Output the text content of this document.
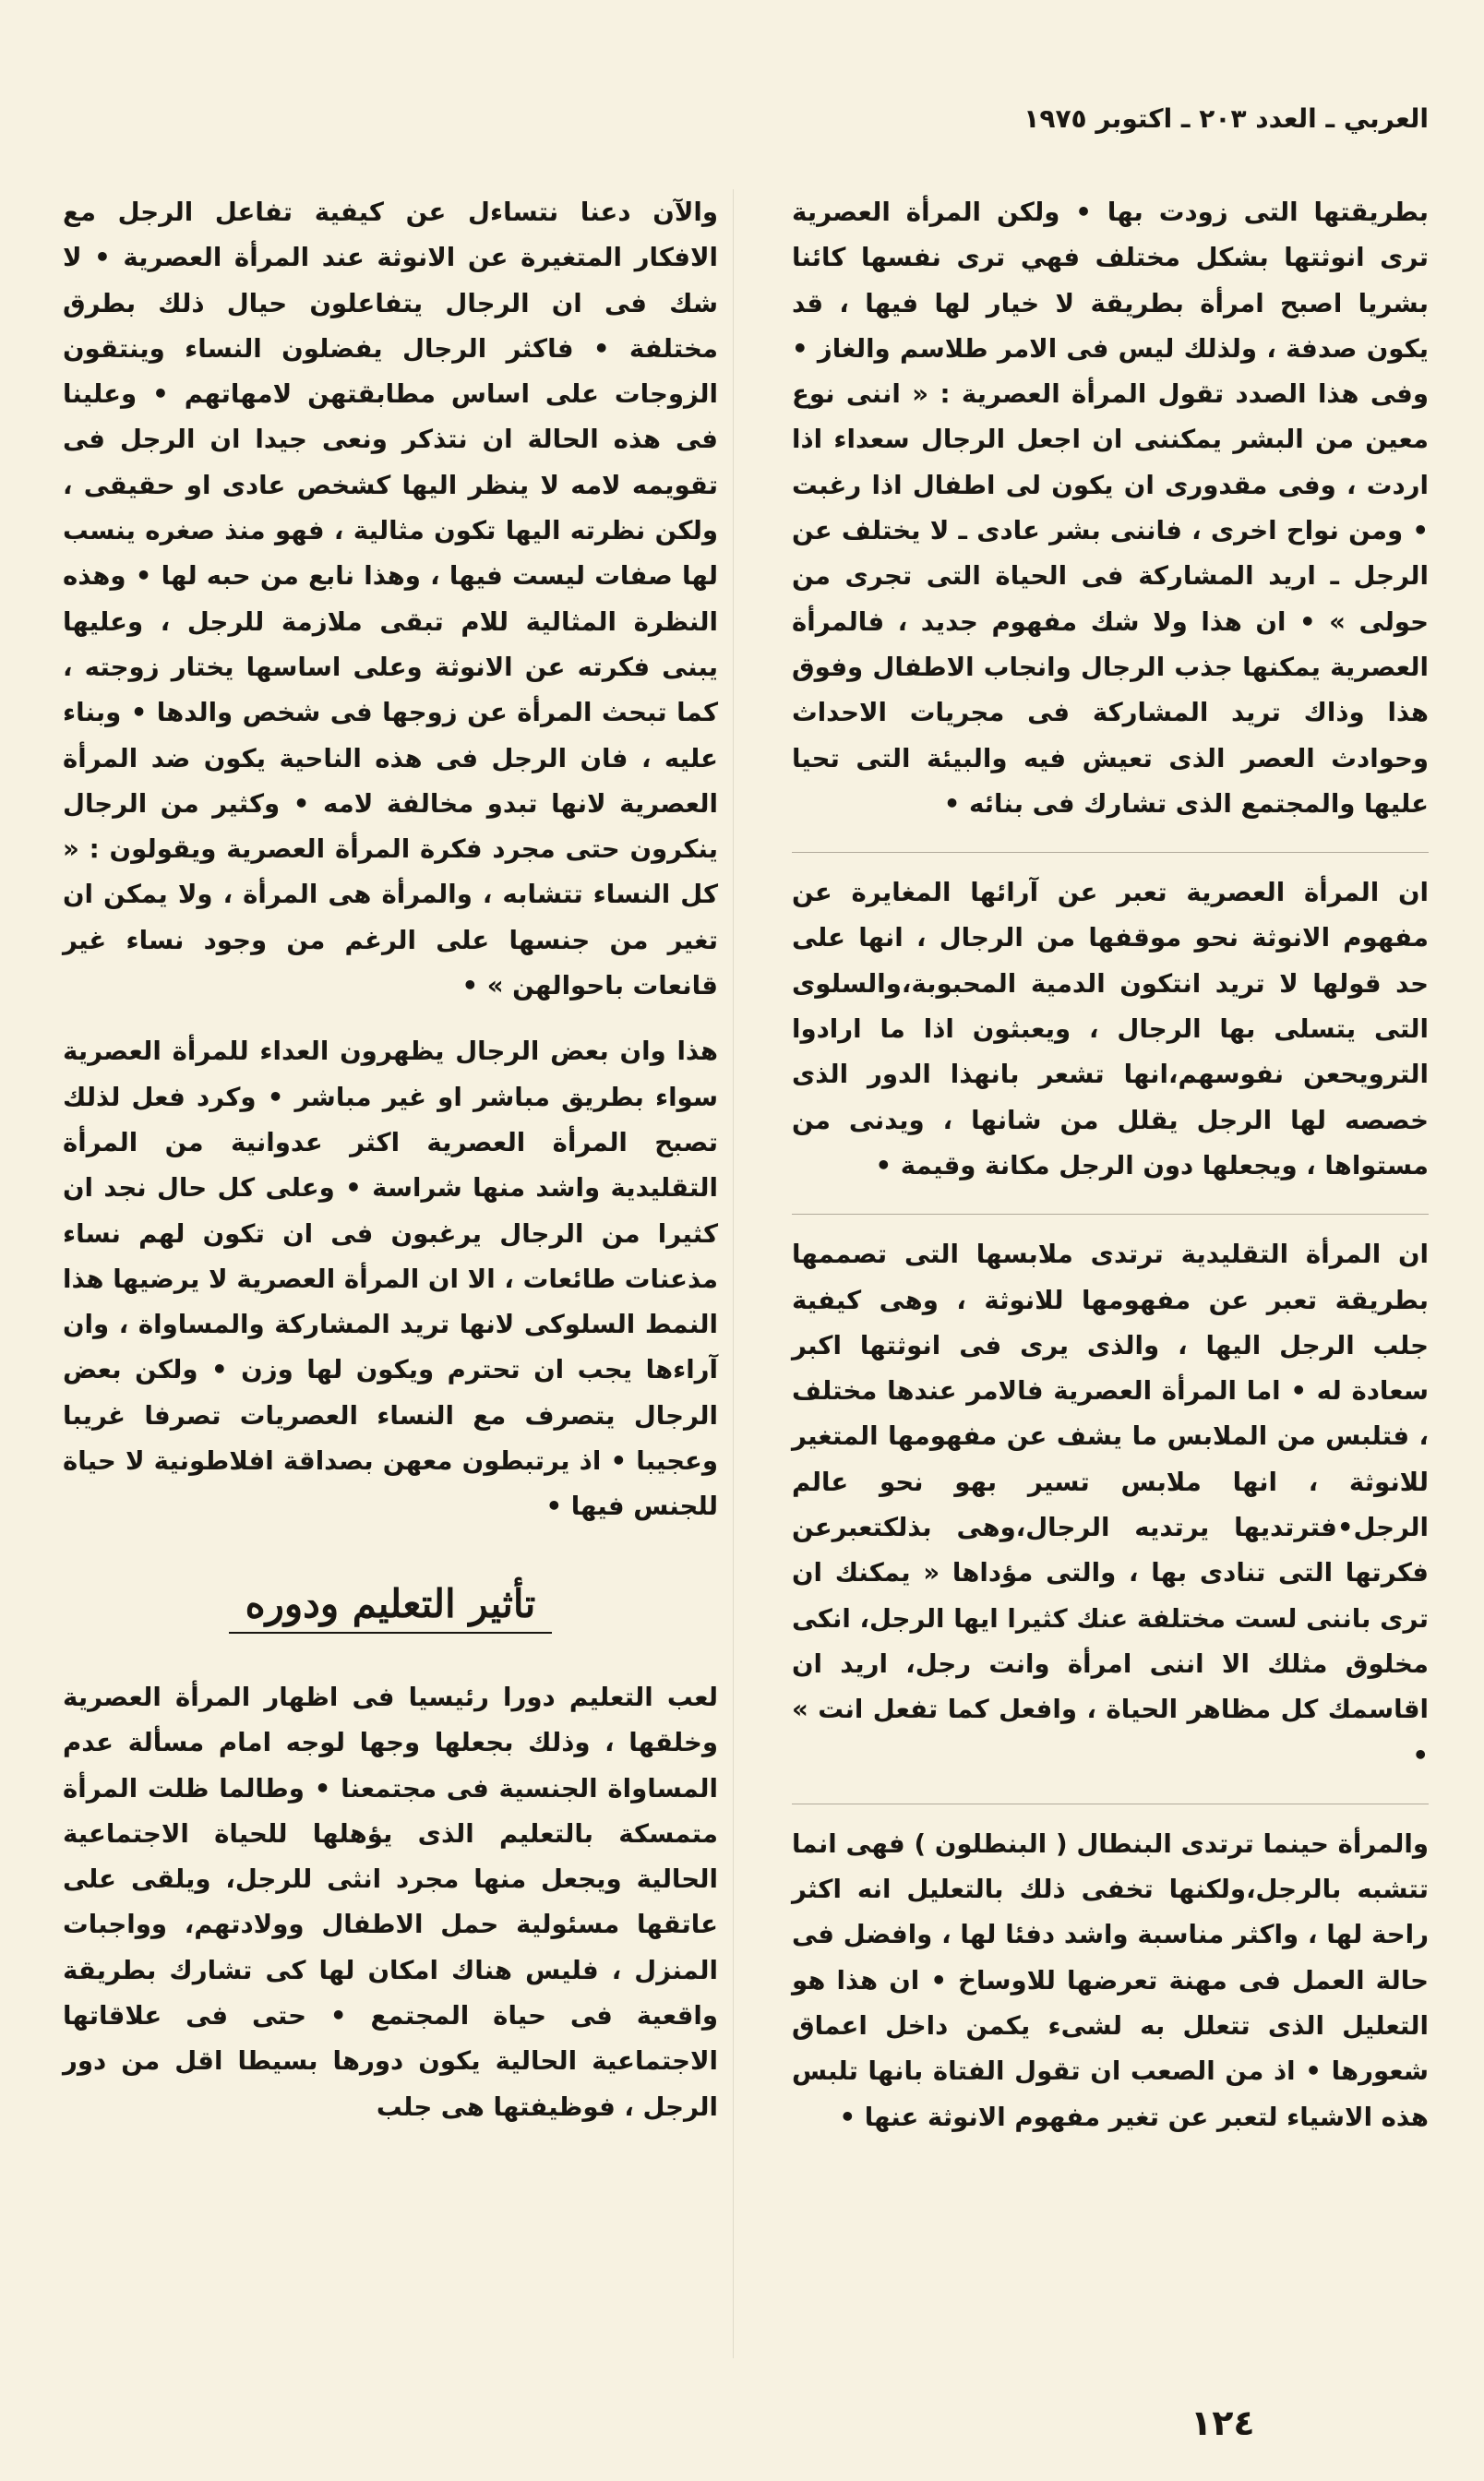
العربي ـ العدد ٢٠٣ ـ اكتوبر ١٩٧٥

بطريقتها التى زودت بها • ولكن المرأة العصرية ترى انوثتها بشكل مختلف فهي ترى نفسها كائنا بشريا اصبح امرأة بطريقة لا خيار لها فيها ، قد يكون صدفة ، ولذلك ليس فى الامر طلاسم والغاز • وفى هذا الصدد تقول المرأة العصرية : « اننى نوع معين من البشر يمكننى ان اجعل الرجال سعداء اذا اردت ، وفى مقدورى ان يكون لى اطفال اذا رغبت • ومن نواح اخرى ، فاننى بشر عادى ـ لا يختلف عن الرجل ـ اريد المشاركة فى الحياة التى تجرى من حولى » • ان هذا ولا شك مفهوم جديد ، فالمرأة العصرية يمكنها جذب الرجال وانجاب الاطفال وفوق هذا وذاك تريد المشاركة فى مجريات الاحداث وحوادث العصر الذى تعيش فيه والبيئة التى تحيا عليها والمجتمع الذى تشارك فى بنائه •

ان المرأة العصرية تعبر عن آرائها المغايرة عن مفهوم الانوثة نحو موقفها من الرجال ، انها على حد قولها لا تريد انتكون الدمية المحبوبة،والسلوى التى يتسلى بها الرجال ، ويعبثون اذا ما ارادوا الترويحعن نفوسهم،انها تشعر بانهذا الدور الذى خصصه لها الرجل يقلل من شانها ، ويدنى من مستواها ، ويجعلها دون الرجل مكانة وقيمة •

ان المرأة التقليدية ترتدى ملابسها التى تصممها بطريقة تعبر عن مفهومها للانوثة ، وهى كيفية جلب الرجل اليها ، والذى يرى فى انوثتها اكبر سعادة له • اما المرأة العصرية فالامر عندها مختلف ، فتلبس من الملابس ما يشف عن مفهومها المتغير للانوثة ، انها ملابس تسير بهو نحو عالم الرجل•فترتديها يرتديه الرجال،وهى بذلكتعبرعن فكرتها التى تنادى بها ، والتى مؤداها « يمكنك ان ترى باننى لست مختلفة عنك كثيرا ايها الرجل، انكى مخلوق مثلك الا اننى امرأة وانت رجل، اريد ان اقاسمك كل مظاهر الحياة ، وافعل كما تفعل انت » •

والمرأة حينما ترتدى البنطال ( البنطلون ) فهى انما تتشبه بالرجل،ولكنها تخفى ذلك بالتعليل انه اكثر راحة لها ، واكثر مناسبة واشد دفئا لها ، وافضل فى حالة العمل فى مهنة تعرضها للاوساخ • ان هذا هو التعليل الذى تتعلل به لشىء يكمن داخل اعماق شعورها • اذ من الصعب ان تقول الفتاة بانها تلبس هذه الاشياء لتعبر عن تغير مفهوم الانوثة عنها •

والآن دعنا نتساءل عن كيفية تفاعل الرجل مع الافكار المتغيرة عن الانوثة عند المرأة العصرية • لا شك فى ان الرجال يتفاعلون حيال ذلك بطرق مختلفة • فاكثر الرجال يفضلون النساء وينتقون الزوجات على اساس مطابقتهن لامهاتهم • وعلينا فى هذه الحالة ان نتذكر ونعى جيدا ان الرجل فى تقويمه لامه لا ينظر اليها كشخص عادى او حقيقى ، ولكن نظرته اليها تكون مثالية ، فهو منذ صغره ينسب لها صفات ليست فيها ، وهذا نابع من حبه لها • وهذه النظرة المثالية للام تبقى ملازمة للرجل ، وعليها يبنى فكرته عن الانوثة وعلى اساسها يختار زوجته ، كما تبحث المرأة عن زوجها فى شخص والدها • وبناء عليه ، فان الرجل فى هذه الناحية يكون ضد المرأة العصرية لانها تبدو مخالفة لامه • وكثير من الرجال ينكرون حتى مجرد فكرة المرأة العصرية ويقولون : « كل النساء تتشابه ، والمرأة هى المرأة ، ولا يمكن ان تغير من جنسها على الرغم من وجود نساء غير قانعات باحوالهن » •

هذا وان بعض الرجال يظهرون العداء للمرأة العصرية سواء بطريق مباشر او غير مباشر • وكرد فعل لذلك تصبح المرأة العصرية اكثر عدوانية من المرأة التقليدية واشد منها شراسة • وعلى كل حال نجد ان كثيرا من الرجال يرغبون فى ان تكون لهم نساء مذعنات طائعات ، الا ان المرأة العصرية لا يرضيها هذا النمط السلوكى لانها تريد المشاركة والمساواة ، وان آراءها يجب ان تحترم ويكون لها وزن • ولكن بعض الرجال يتصرف مع النساء العصريات تصرفا غريبا وعجيبا • اذ يرتبطون معهن بصداقة افلاطونية لا حياة للجنس فيها •

تأثير التعليم ودوره

لعب التعليم دورا رئيسيا فى اظهار المرأة العصرية وخلقها ، وذلك بجعلها وجها لوجه امام مسألة عدم المساواة الجنسية فى مجتمعنا • وطالما ظلت المرأة متمسكة بالتعليم الذى يؤهلها للحياة الاجتماعية الحالية ويجعل منها مجرد انثى للرجل، ويلقى على عاتقها مسئولية حمل الاطفال وولادتهم، وواجبات المنزل ، فليس هناك امكان لها كى تشارك بطريقة واقعية فى حياة المجتمع • حتى فى علاقاتها الاجتماعية الحالية يكون دورها بسيطا اقل من دور الرجل ، فوظيفتها هى جلب

١٢٤
